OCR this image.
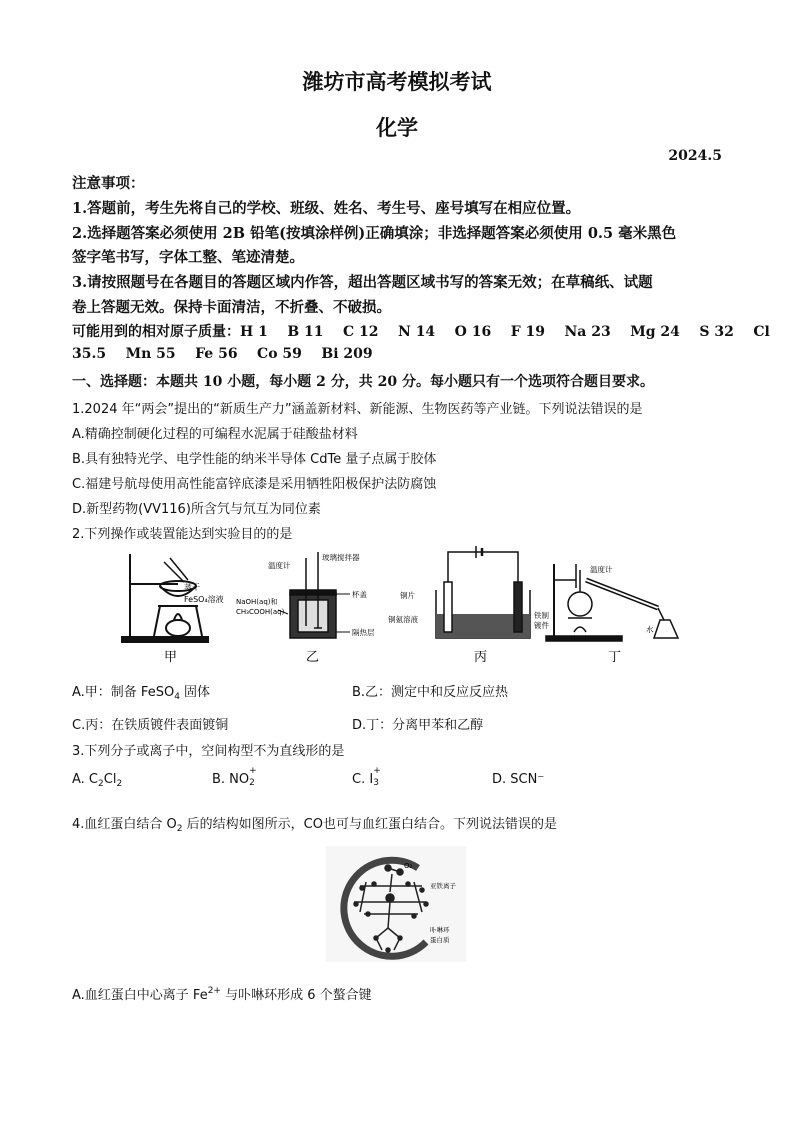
潍坊市高考模拟考试
化学
2024.5
注意事项：
1.答题前，考生先将自己的学校、班级、姓名、考生号、座号填写在相应位置。
2.选择题答案必须使用 2B 铅笔(按填涂样例)正确填涂；非选择题答案必须使用 0.5 毫米黑色
签字笔书写，字体工整、笔迹清楚。
3.请按照题号在各题目的答题区域内作答，超出答题区域书写的答案无效；在草稿纸、试题
卷上答题无效。保持卡面清洁，不折叠、不破损。
可能用到的相对原子质量：H 1    B 11    C 12    N 14    O 16    F 19    Na 23    Mg 24    S 32    Cl
35.5    Mn 55    Fe 56    Co 59    Bi 209
一、选择题：本题共 10 小题，每小题 2 分，共 20 分。每小题只有一个选项符合题目要求。
1.2024 年“两会”提出的“新质生产力”涵盖新材料、新能源、生物医药等产业链。下列说法错误的是
A.精确控制硬化过程的可编程水泥属于硅酸盐材料
B.具有独特光学、电学性能的纳米半导体 CdTe 量子点属于胶体
C.福建号航母使用高性能富锌底漆是采用牺牲阳极保护法防腐蚀
D.新型药物(VV116)所含氕与氘互为同位素
2.下列操作或装置能达到实验目的的是
蒸干
FeSO₄溶液
甲
温度计
玻璃搅拌器
NaOH(aq)和
CH₃COOH(aq)
杯盖
隔热层
乙
铜片
铜氨溶液	铁制
镀件
丙
温度计
水
丁
A.甲：制备 FeSO$_4$ 固体	B.乙：测定中和反应反应热
C.丙：在铁质镀件表面镀铜	D.丁：分离甲苯和乙醇
3.下列分子或离子中，空间构型不为直线形的是
A. $C_2Cl_2$	B. NO
+
2
	C. I
+
3
	D. SCN⁻
4.血红蛋白结合 $O_2$ 后的结构如图所示，CO也可与血红蛋白结合。下列说法错误的是
O₂
亚铁离子
卟啉环
蛋白质
A.血红蛋白中心离子 $Fe^{2+}$ 与卟啉环形成 6 个螯合键
